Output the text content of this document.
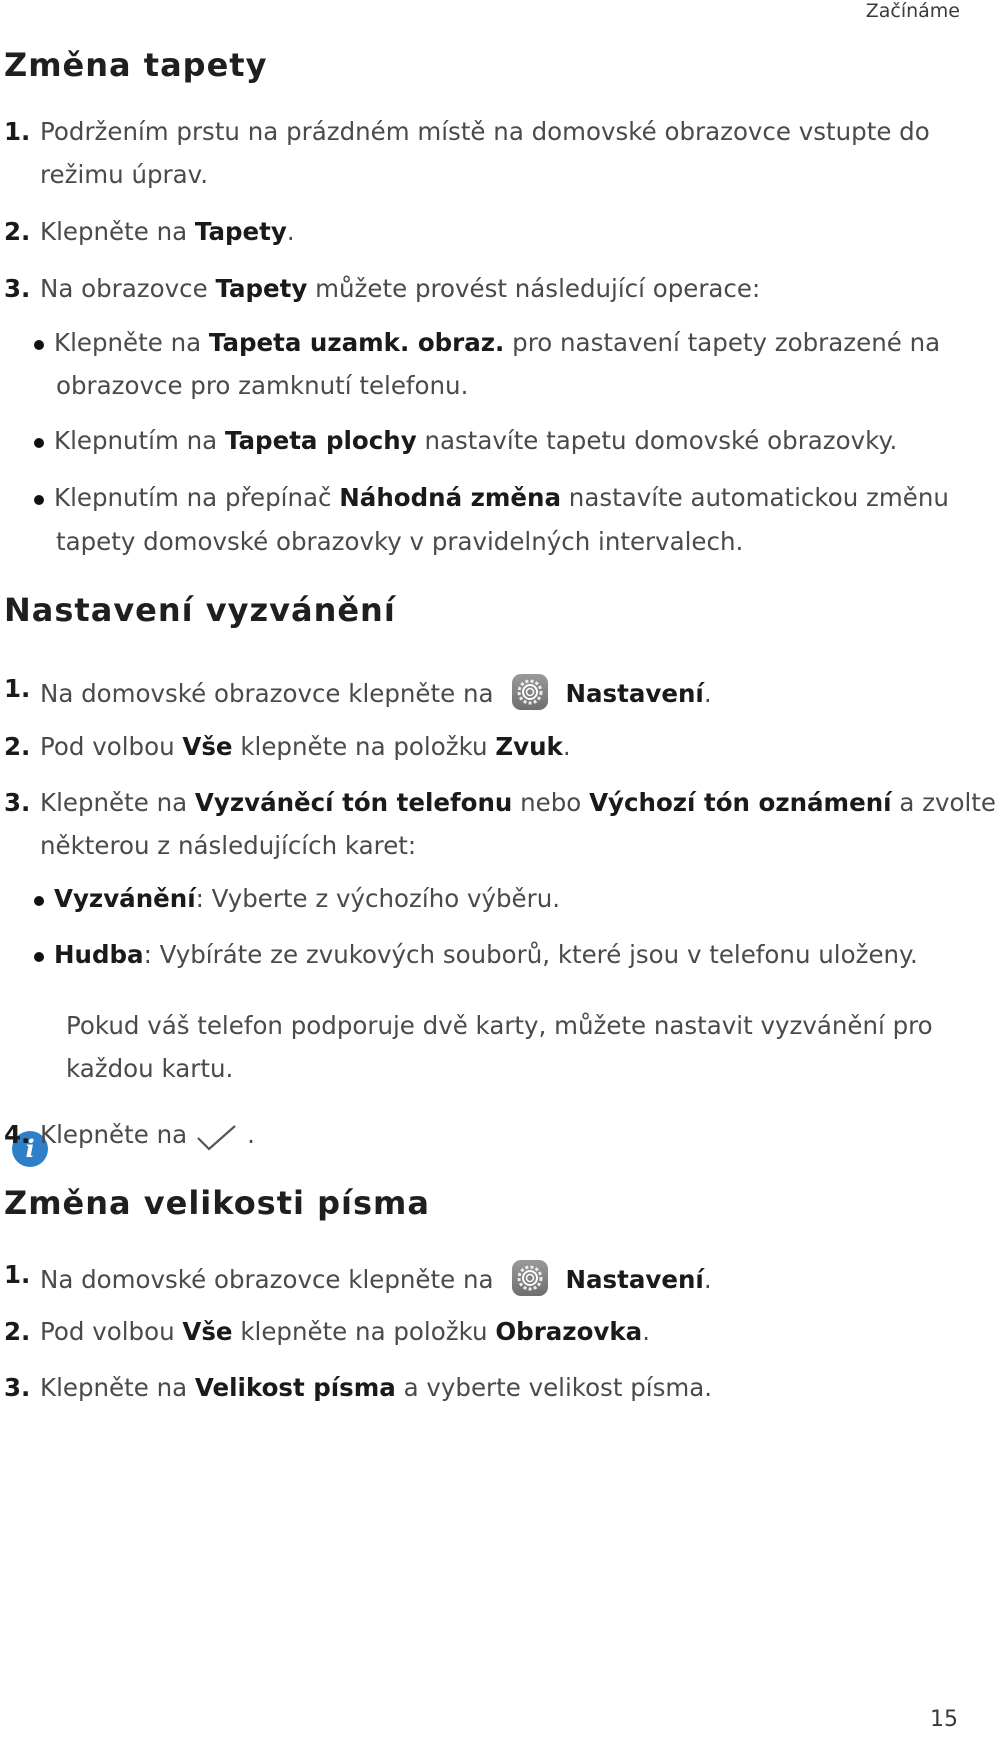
Začínáme
Změna tapety
1. Podržením prstu na prázdném místě na domovské obrazovce vstupte do
režimu úprav.
2. Klepněte na Tapety.
3. Na obrazovce Tapety můžete provést následující operace:
Klepněte na Tapeta uzamk. obraz. pro nastavení tapety zobrazené na
obrazovce pro zamknutí telefonu.
Klepnutím na Tapeta plochy nastavíte tapetu domovské obrazovky.
Klepnutím na přepínač Náhodná změna nastavíte automatickou změnu
tapety domovské obrazovky v pravidelných intervalech.
Nastavení vyzvánění
1. Na domovské obrazovce klepněte na	Nastavení.
2. Pod volbou Vše klepněte na položku Zvuk.
3. Klepněte na Vyzváněcí tón telefonu nebo Výchozí tón oznámení a zvolte
některou z následujících karet:
Vyzvánění: Vyberte z výchozího výběru.
Hudba: Vybíráte ze zvukových souborů, které jsou v telefonu uloženy.
i
Pokud váš telefon podporuje dvě karty, můžete nastavit vyzvánění pro
každou kartu.
4. Klepněte na .
Změna velikosti písma
1. Na domovské obrazovce klepněte na	Nastavení.
2. Pod volbou Vše klepněte na položku Obrazovka.
3. Klepněte na Velikost písma a vyberte velikost písma.
15
